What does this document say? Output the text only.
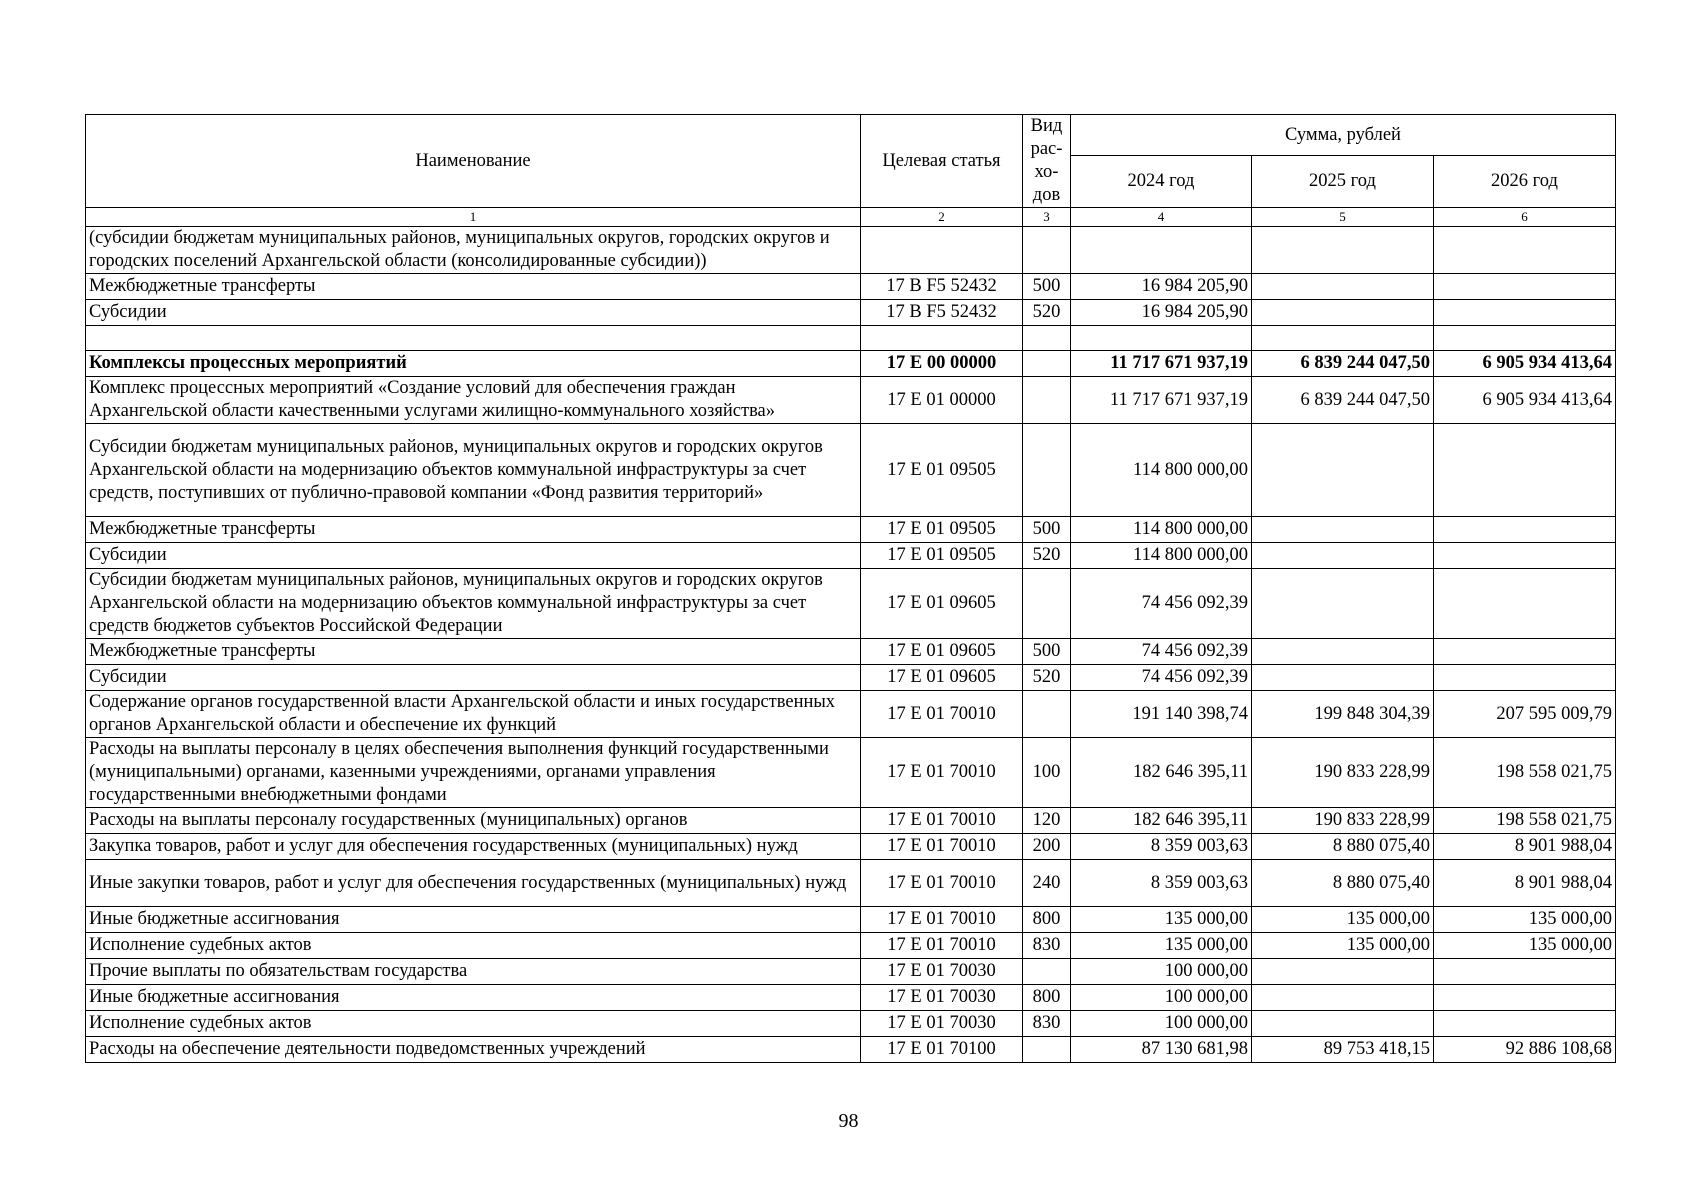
Наименование	Целевая статья	Вид рас- хо- дов	Сумма, рублей		
			2024 год	2025 год	2026 год
1	2	3	4	5	6
(субсидии бюджетам муниципальных районов, муниципальных округов, городских округов и городских поселений Архангельской области (консолидированные субсидии))					
Межбюджетные трансферты	17 В F5 52432	500	16 984 205,90		
Субсидии	17 В F5 52432	520	16 984 205,90		

Комплексы процессных мероприятий	17 Е 00 00000		11 717 671 937,19	6 839 244 047,50	6 905 934 413,64
Комплекс процессных мероприятий «Создание условий для обеспечения граждан Архангельской области качественными услугами жилищно-коммунального хозяйства»	17 Е 01 00000		11 717 671 937,19	6 839 244 047,50	6 905 934 413,64
Субсидии бюджетам муниципальных районов, муниципальных округов и городских округов Архангельской области на модернизацию объектов коммунальной инфраструктуры за счет средств, поступивших от публично-правовой компании «Фонд развития территорий»	17 Е 01 09505		114 800 000,00		
Межбюджетные трансферты	17 Е 01 09505	500	114 800 000,00		
Субсидии	17 Е 01 09505	520	114 800 000,00		
Субсидии бюджетам муниципальных районов, муниципальных округов и городских округов Архангельской области на модернизацию объектов коммунальной инфраструктуры за счет средств бюджетов субъектов Российской Федерации	17 Е 01 09605		74 456 092,39		
Межбюджетные трансферты	17 Е 01 09605	500	74 456 092,39		
Субсидии	17 Е 01 09605	520	74 456 092,39		
Содержание органов государственной власти Архангельской области и иных государственных органов Архангельской области и обеспечение их функций	17 Е 01 70010		191 140 398,74	199 848 304,39	207 595 009,79
Расходы на выплаты персоналу в целях обеспечения выполнения функций государственными (муниципальными) органами, казенными учреждениями, органами управления государственными внебюджетными фондами	17 Е 01 70010	100	182 646 395,11	190 833 228,99	198 558 021,75
Расходы на выплаты персоналу государственных (муниципальных) органов	17 Е 01 70010	120	182 646 395,11	190 833 228,99	198 558 021,75
Закупка товаров, работ и услуг для обеспечения государственных (муниципальных) нужд	17 Е 01 70010	200	8 359 003,63	8 880 075,40	8 901 988,04
Иные закупки товаров, работ и услуг для обеспечения государственных (муниципальных) нужд	17 Е 01 70010	240	8 359 003,63	8 880 075,40	8 901 988,04
Иные бюджетные ассигнования	17 Е 01 70010	800	135 000,00	135 000,00	135 000,00
Исполнение судебных актов	17 Е 01 70010	830	135 000,00	135 000,00	135 000,00
Прочие выплаты по обязательствам государства	17 Е 01 70030		100 000,00		
Иные бюджетные ассигнования	17 Е 01 70030	800	100 000,00		
Исполнение судебных актов	17 Е 01 70030	830	100 000,00		
Расходы на обеспечение деятельности подведомственных учреждений	17 Е 01 70100		87 130 681,98	89 753 418,15	92 886 108,68
98
